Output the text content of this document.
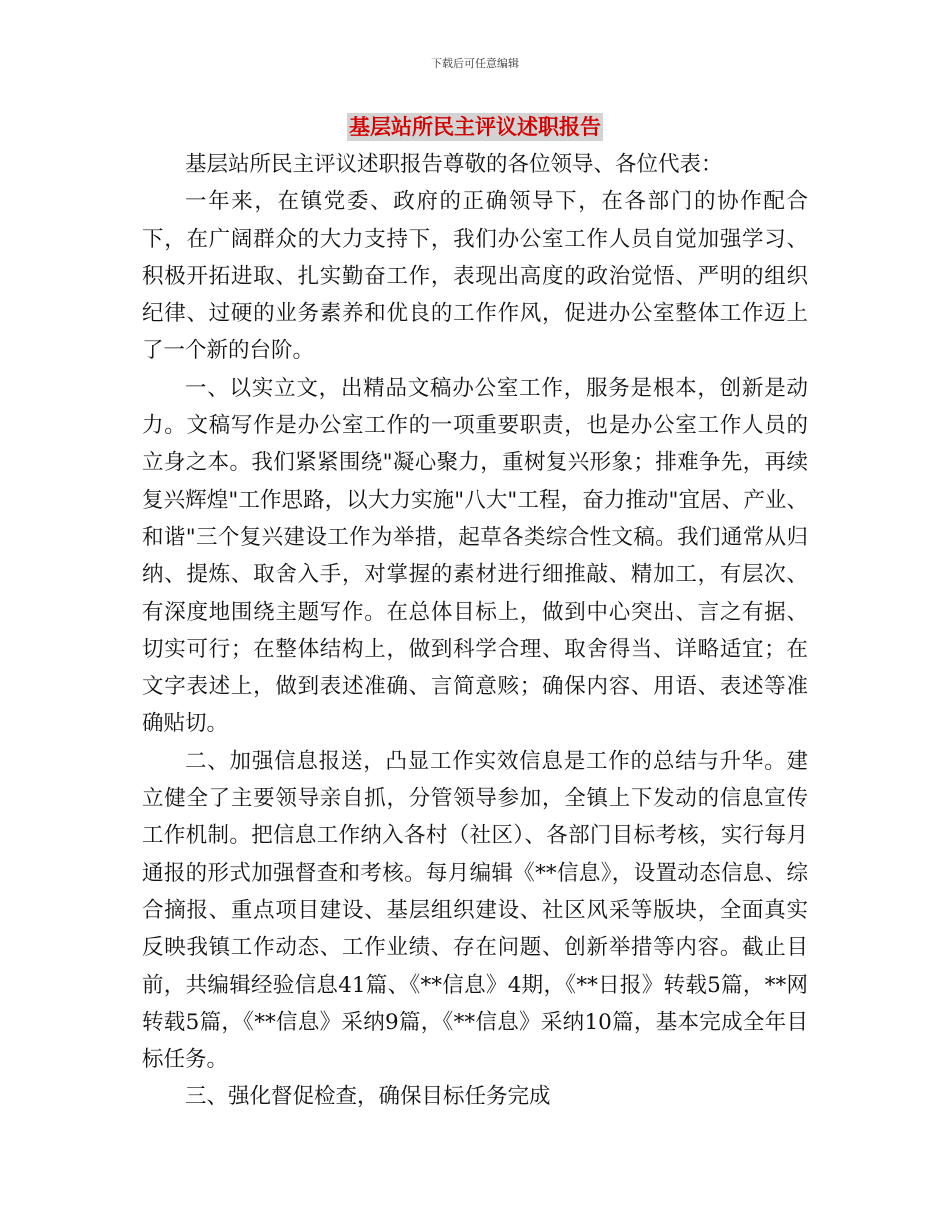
下载后可任意编辑
基层站所民主评议述职报告

基层站所民主评议述职报告尊敬的各位领导、各位代表：

一年来，在镇党委、政府的正确领导下，在各部门的协作配合下，在广阔群众的大力支持下，我们办公室工作人员自觉加强学习、积极开拓进取、扎实勤奋工作，表现出高度的政治觉悟、严明的组织纪律、过硬的业务素养和优良的工作作风，促进办公室整体工作迈上了一个新的台阶。

一、以实立文，出精品文稿办公室工作，服务是根本，创新是动力。文稿写作是办公室工作的一项重要职责，也是办公室工作人员的立身之本。我们紧紧围绕"凝心聚力，重树复兴形象；排难争先，再续复兴辉煌"工作思路，以大力实施"八大"工程，奋力推动"宜居、产业、和谐"三个复兴建设工作为举措，起草各类综合性文稿。我们通常从归纳、提炼、取舍入手，对掌握的素材进行细推敲、精加工，有层次、有深度地围绕主题写作。在总体目标上，做到中心突出、言之有据、切实可行；在整体结构上，做到科学合理、取舍得当、详略适宜；在文字表述上，做到表述准确、言简意赅；确保内容、用语、表述等准确贴切。

二、加强信息报送，凸显工作实效信息是工作的总结与升华。建立健全了主要领导亲自抓，分管领导参加，全镇上下发动的信息宣传工作机制。把信息工作纳入各村（社区）、各部门目标考核，实行每月通报的形式加强督查和考核。每月编辑《**信息》，设置动态信息、综合摘报、重点项目建设、基层组织建设、社区风采等版块，全面真实反映我镇工作动态、工作业绩、存在问题、创新举措等内容。截止目前，共编辑经验信息41篇、《**信息》4期，《**日报》转载5篇，**网转载5篇，《**信息》采纳9篇，《**信息》采纳10篇，基本完成全年目标任务。

三、强化督促检查，确保目标任务完成
